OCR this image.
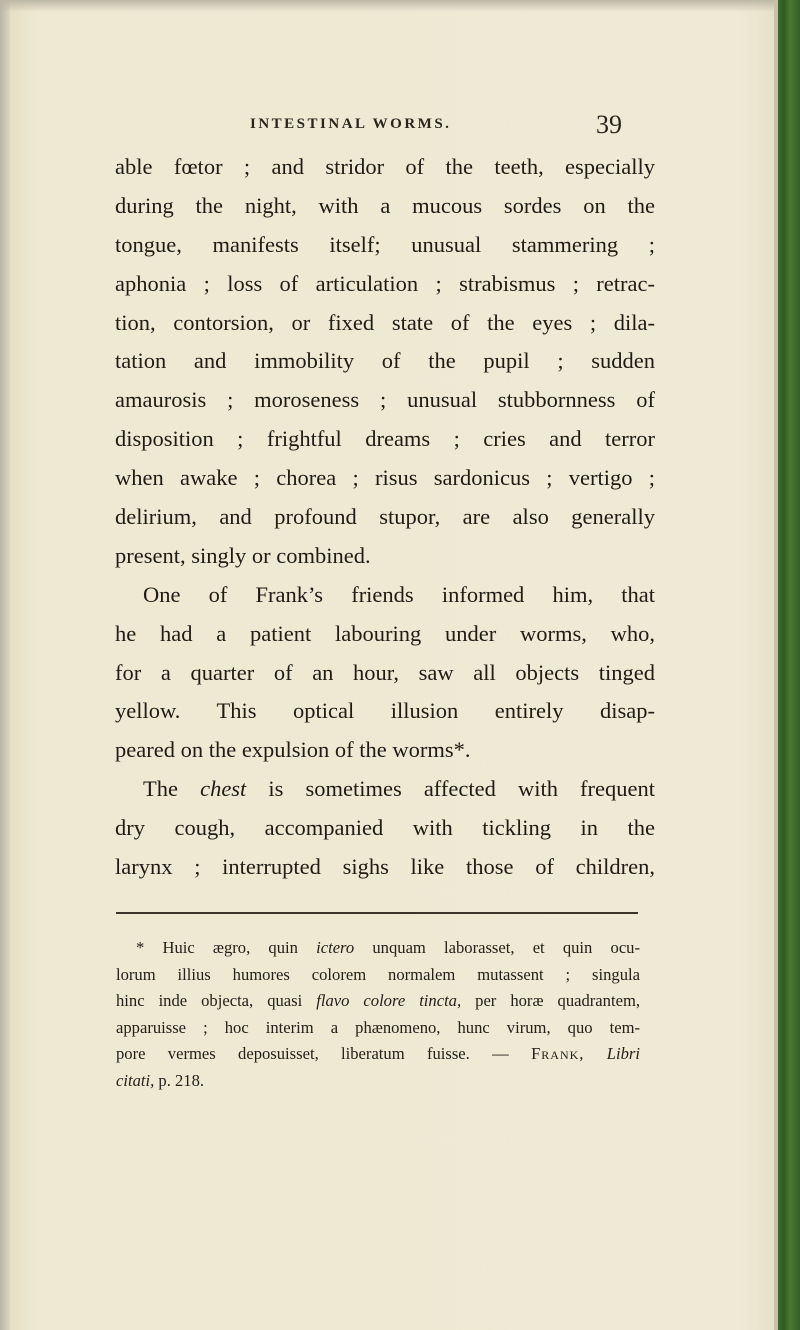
INTESTINAL WORMS.	39
able fœtor ; and stridor of the teeth, especially
during the night, with a mucous sordes on the
tongue, manifests itself; unusual stammering ;
aphonia ; loss of articulation ; strabismus ; retrac-
tion, contorsion, or fixed state of the eyes ; dila-
tation and immobility of the pupil ; sudden
amaurosis ; moroseness ; unusual stubbornness of
disposition ; frightful dreams ; cries and terror
when awake ; chorea ; risus sardonicus ; vertigo ;
delirium, and profound stupor, are also generally
present, singly or combined.
One of Frank’s friends informed him, that
he had a patient labouring under worms, who,
for a quarter of an hour, saw all objects tinged
yellow. This optical illusion entirely disap-
peared on the expulsion of the worms*.
The chest is sometimes affected with frequent
dry cough, accompanied with tickling in the
larynx ; interrupted sighs like those of children,
* Huic ægro, quin ictero unquam laborasset, et quin ocu-
lorum illius humores colorem normalem mutassent ; singula
hinc inde objecta, quasi flavo colore tincta, per horæ quadrantem,
apparuisse ; hoc interim a phænomeno, hunc virum, quo tem-
pore vermes deposuisset, liberatum fuisse. — Frank, Libri
citati, p. 218.
